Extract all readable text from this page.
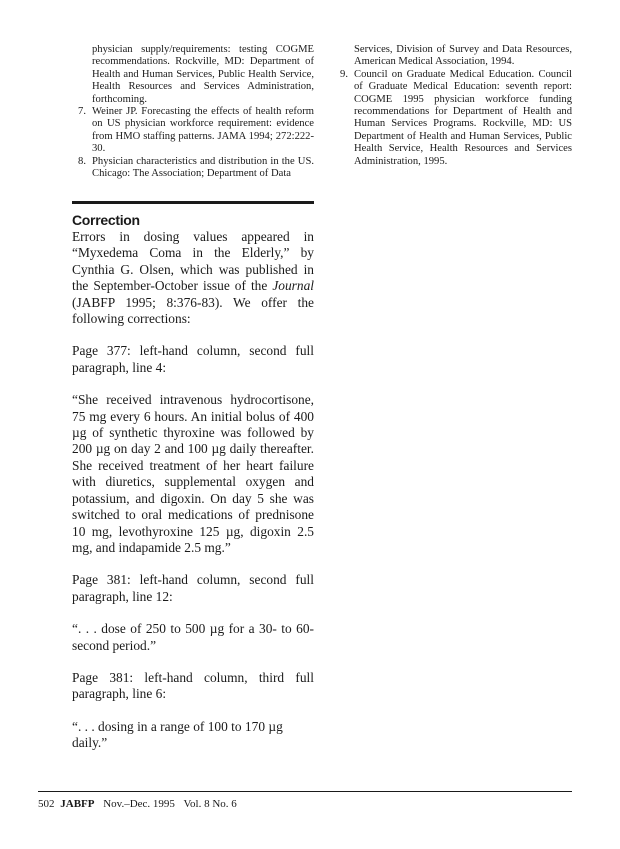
physician supply/requirements: testing COGME recommendations. Rockville, MD: Department of Health and Human Services, Public Health Service, Health Resources and Services Administration, forthcoming.
7. Weiner JP. Forecasting the effects of health reform on US physician workforce requirement: evidence from HMO staffing patterns. JAMA 1994; 272:222-30.
8. Physician characteristics and distribution in the US. Chicago: The Association; Department of Data
Services, Division of Survey and Data Resources, American Medical Association, 1994.
9. Council on Graduate Medical Education. Council of Graduate Medical Education: seventh report: COGME 1995 physician workforce funding recommendations for Department of Health and Human Services Programs. Rockville, MD: US Department of Health and Human Services, Public Health Service, Health Resources and Services Administration, 1995.
Correction

Errors in dosing values appeared in “Myxedema Coma in the Elderly,” by Cynthia G. Olsen, which was published in the September-October issue of the Journal (JABFP 1995; 8:376-83). We offer the following corrections:

Page 377: left-hand column, second full paragraph, line 4:

“She received intravenous hydrocortisone, 75 mg every 6 hours. An initial bolus of 400 µg of synthetic thyroxine was followed by 200 µg on day 2 and 100 µg daily thereafter. She received treatment of her heart failure with diuretics, supplemental oxygen and potassium, and digoxin. On day 5 she was switched to oral medications of prednisone 10 mg, levothyroxine 125 µg, digoxin 2.5 mg, and indapamide 2.5 mg.”

Page 381: left-hand column, second full paragraph, line 12:

“. . . dose of 250 to 500 µg for a 30- to 60-second period.”

Page 381: left-hand column, third full paragraph, line 6:

“. . . dosing in a range of 100 to 170 µg daily.”

502 JABFP Nov.–Dec. 1995 Vol. 8 No. 6
